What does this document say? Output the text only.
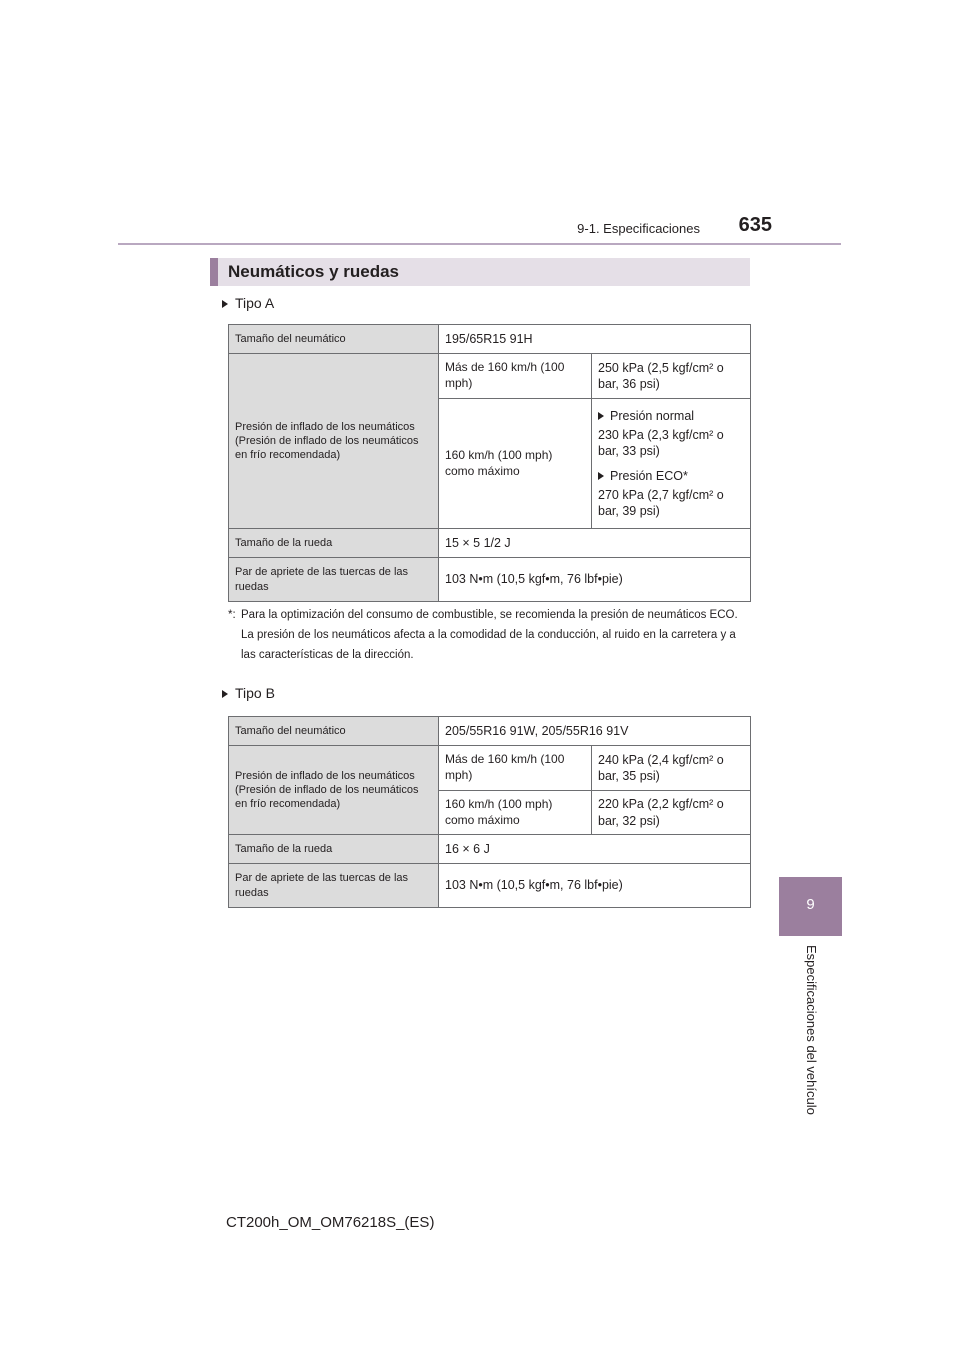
9-1. Especificaciones	635
9
Especificaciones del vehículo
Neumáticos y ruedas
Tipo A
Tamaño del neumático	195/65R15 91H	
Presión de inflado de los neumáticos (Presión de inflado de los neumáticos en frío recomendada)	Más de 160 km/h (100 mph)	250 kPa (2,5 kgf/cm² o bar, 36 psi)
	160 km/h (100 mph) como máximo	Presión normal
230 kPa (2,3 kgf/cm² o bar, 33 psi)
Presión ECO*
270 kPa (2,7 kgf/cm² o bar, 39 psi)

Tamaño de la rueda	15 × 5 1/2 J	
Par de apriete de las tuercas de las ruedas	103 N•m (10,5 kgf•m, 76 lbf•pie)	
*: Para la optimización del consumo de combustible, se recomienda la presión de neumáticos ECO. La presión de los neumáticos afecta a la comodidad de la conducción, al ruido en la carretera y a las características de la dirección.
Tipo B
Tamaño del neumático	205/55R16 91W, 205/55R16 91V	
Presión de inflado de los neumáticos (Presión de inflado de los neumáticos en frío recomendada)	Más de 160 km/h (100 mph)	240 kPa (2,4 kgf/cm² o bar, 35 psi)
	160 km/h (100 mph) como máximo	220 kPa (2,2 kgf/cm² o bar, 32 psi)
Tamaño de la rueda	16 × 6 J	
Par de apriete de las tuercas de las ruedas	103 N•m (10,5 kgf•m, 76 lbf•pie)	
CT200h_OM_OM76218S_(ES)
